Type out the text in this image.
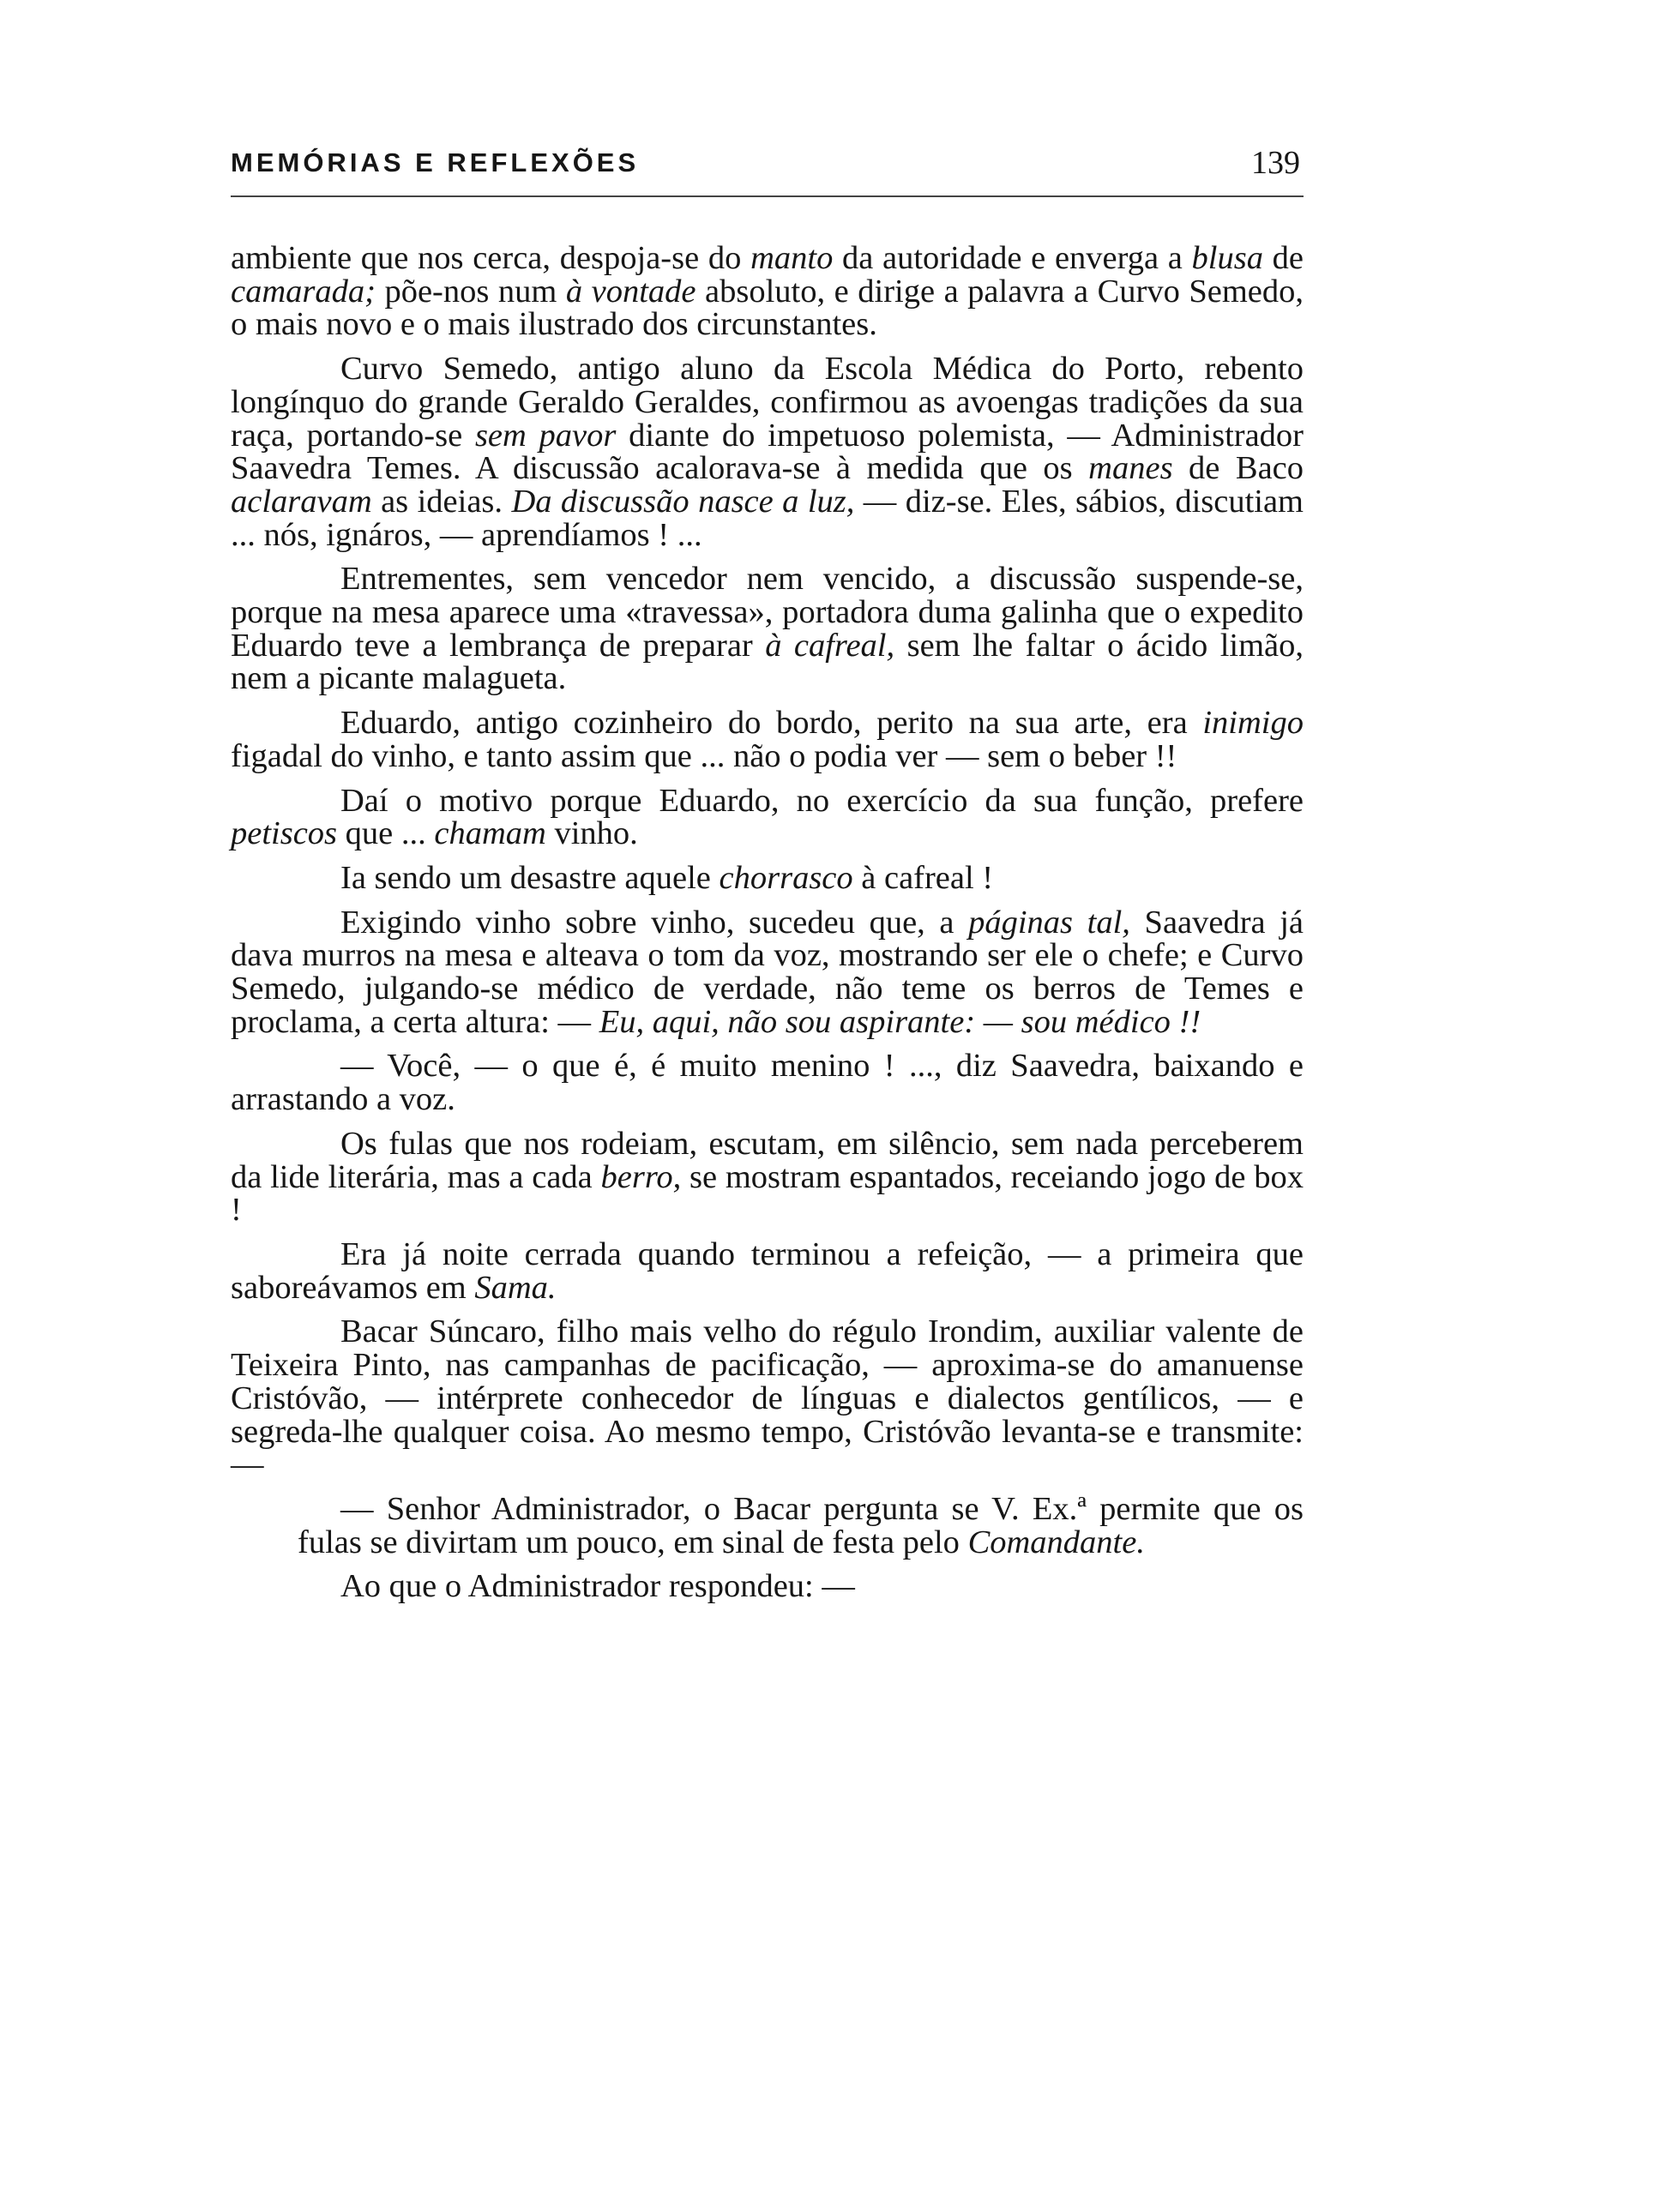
MEMÓRIAS E REFLEXÕES	139

ambiente que nos cerca, despoja-se do manto da autoridade e enverga a blusa de camarada; põe-nos num à vontade absoluto, e dirige a palavra a Curvo Semedo, o mais novo e o mais ilustrado dos circunstantes.

Curvo Semedo, antigo aluno da Escola Médica do Porto, rebento longínquo do grande Geraldo Geraldes, confirmou as avoengas tradições da sua raça, portando-se sem pavor diante do impetuoso polemista, — Administrador Saavedra Temes. A discussão acalorava-se à medida que os manes de Baco aclaravam as ideias. Da discussão nasce a luz, — diz-se. Eles, sábios, discutiam ... nós, ignáros, — aprendíamos ! ...

Entrementes, sem vencedor nem vencido, a discussão suspende-se, porque na mesa aparece uma «travessa», portadora duma galinha que o expedito Eduardo teve a lembrança de preparar à cafreal, sem lhe faltar o ácido limão, nem a picante malagueta.

Eduardo, antigo cozinheiro do bordo, perito na sua arte, era inimigo figadal do vinho, e tanto assim que ... não o podia ver — sem o beber !!

Daí o motivo porque Eduardo, no exercício da sua função, prefere petiscos que ... chamam vinho.

Ia sendo um desastre aquele chorrasco à cafreal !

Exigindo vinho sobre vinho, sucedeu que, a páginas tal, Saavedra já dava murros na mesa e alteava o tom da voz, mostrando ser ele o chefe; e Curvo Semedo, julgando-se médico de verdade, não teme os berros de Temes e proclama, a certa altura: — Eu, aqui, não sou aspirante: — sou médico !!

— Você, — o que é, é muito menino ! ..., diz Saavedra, baixando e arrastando a voz.

Os fulas que nos rodeiam, escutam, em silêncio, sem nada perceberem da lide literária, mas a cada berro, se mostram espantados, receiando jogo de box !

Era já noite cerrada quando terminou a refeição, — a primeira que saboreávamos em Sama.

Bacar Súncaro, filho mais velho do régulo Irondim, auxiliar valente de Teixeira Pinto, nas campanhas de pacificação, — aproxima-se do amanuense Cristóvão, — intérprete conhecedor de línguas e dialectos gentílicos, — e segreda-lhe qualquer coisa. Ao mesmo tempo, Cristóvão levanta-se e transmite: —

— Senhor Administrador, o Bacar pergunta se V. Ex.ª permite que os fulas se divirtam um pouco, em sinal de festa pelo Comandante.

Ao que o Administrador respondeu: —
